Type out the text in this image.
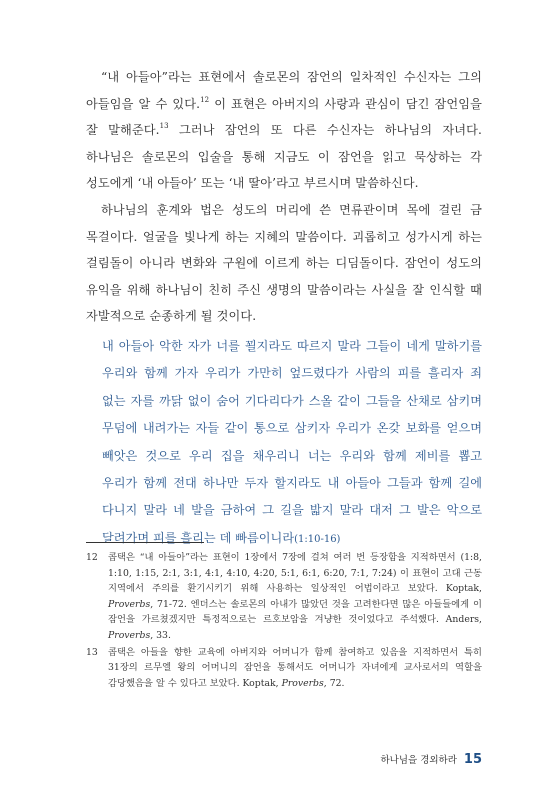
“내 아들아”라는 표현에서 솔로몬의 잠언의 일차적인 수신자는 그의 아들임을 알 수 있다.$^{12}$ 이 표현은 아버지의 사랑과 관심이 담긴 잠언임을 잘 말해준다.$^{13}$ 그러나 잠언의 또 다른 수신자는 하나님의 자녀다. 하나님은 솔로몬의 입술을 통해 지금도 이 잠언을 읽고 묵상하는 각 성도에게 ‘내 아들아’ 또는 ‘내 딸아’라고 부르시며 말씀하신다.

하나님의 훈계와 법은 성도의 머리에 쓴 면류관이며 목에 걸린 금 목걸이다. 얼굴을 빛나게 하는 지혜의 말씀이다. 괴롭히고 성가시게 하는 걸림돌이 아니라 변화와 구원에 이르게 하는 디딤돌이다. 잠언이 성도의 유익을 위해 하나님이 친히 주신 생명의 말씀이라는 사실을 잘 인식할 때 자발적으로 순종하게 될 것이다.

내 아들아 악한 자가 너를 꾈지라도 따르지 말라 그들이 네게 말하기를 우리와 함께 가자 우리가 가만히 엎드렸다가 사람의 피를 흘리자 죄 없는 자를 까닭 없이 숨어 기다리다가 스올 같이 그들을 산채로 삼키며 무덤에 내려가는 자들 같이 통으로 삼키자 우리가 온갖 보화를 얻으며 빼앗은 것으로 우리 집을 채우리니 너는 우리와 함께 제비를 뽑고 우리가 함께 전대 하나만 두자 할지라도 내 아들아 그들과 함께 길에 다니지 말라 네 발을 금하여 그 길을 밟지 말라 대저 그 발은 악으로 달려가며 피를 흘리는 데 빠름이니라(1:10-16)
12 콥택은 “내 아들아”라는 표현이 1장에서 7장에 걸쳐 여러 번 등장함을 지적하면서 (1:8, 1:10, 1:15, 2:1, 3:1, 4:1, 4:10, 4:20, 5:1, 6:1, 6:20, 7:1, 7:24) 이 표현이 고대 근동 지역에서 주의를 환기시키기 위해 사용하는 일상적인 어법이라고 보았다. Koptak, Proverbs, 71-72. 엔더스는 솔로몬의 아내가 많았던 것을 고려한다면 많은 아들들에게 이 잠언을 가르쳤겠지만 특정적으로는 르호보암을 겨냥한 것이었다고 주석했다. Anders, Proverbs, 33.
13 콥택은 아들을 향한 교육에 아버지와 어머니가 함께 참여하고 있음을 지적하면서 특히 31장의 르무엘 왕의 어머니의 잠언을 통해서도 어머니가 자녀에게 교사로서의 역할을 감당했음을 알 수 있다고 보았다. Koptak, Proverbs, 72.
하나님을 경외하라 15
